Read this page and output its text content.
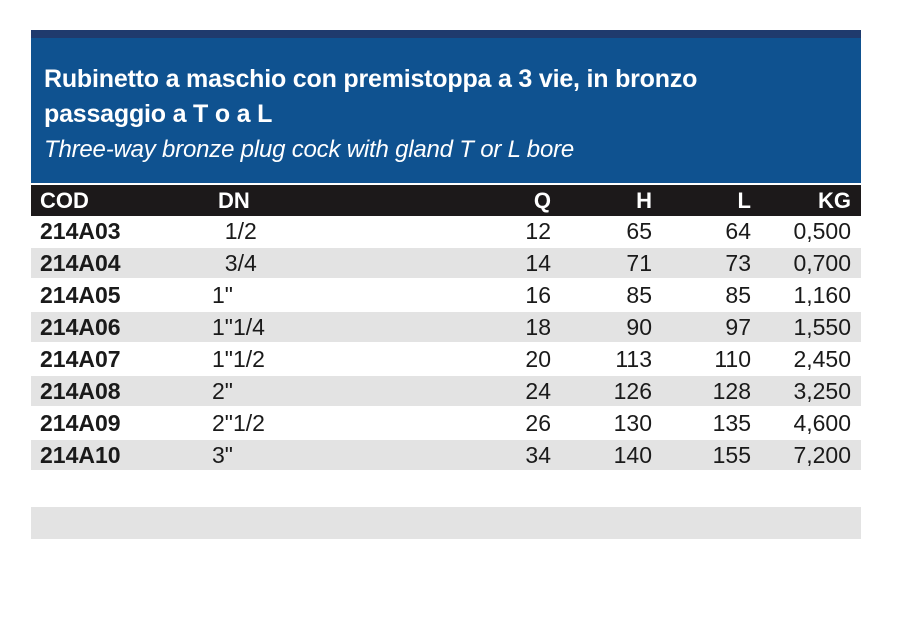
Rubinetto a maschio con premistoppa a 3 vie, in bronzo
passaggio a T o a L
Three-way bronze plug cock with gland T or L bore
COD	DN	Q	H	L	KG
214A03	1/2	12	65	64	0,500
214A04	3/4	14	71	73	0,700
214A05	1"	16	85	85	1,160
214A06	1"1/4	18	90	97	1,550
214A07	1"1/2	20	113	110	2,450
214A08	2"	24	126	128	3,250
214A09	2"1/2	26	130	135	4,600
214A10	3"	34	140	155	7,200
